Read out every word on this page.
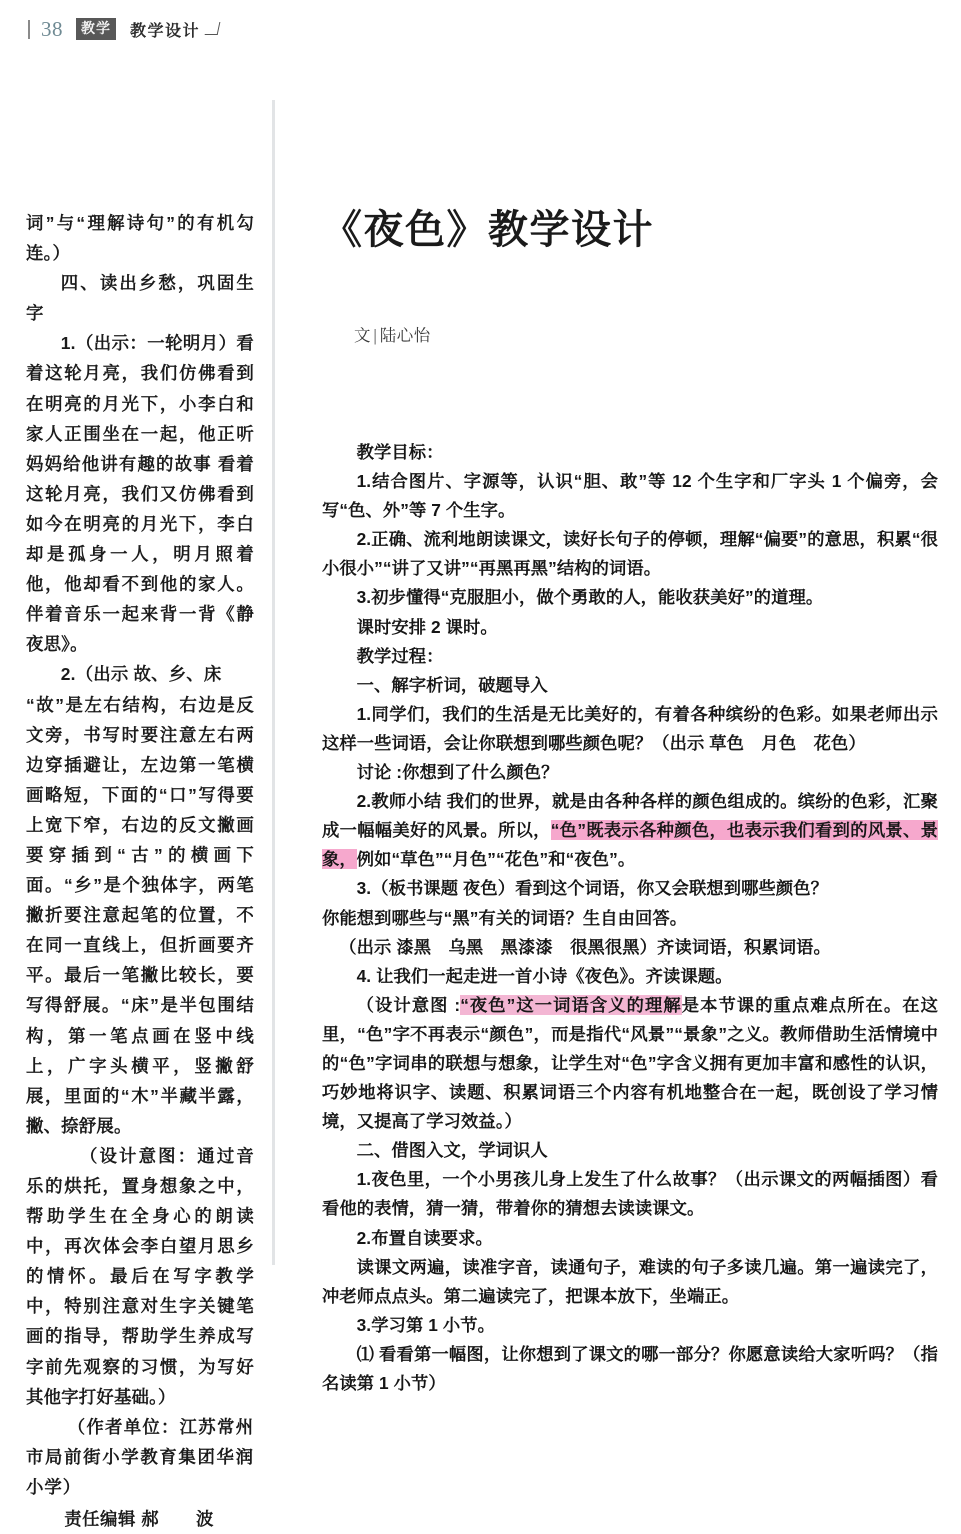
38	教学	教学设计

词”与“理解诗句”的有机勾连。）

四、读出乡愁，巩固生字

1.（出示：一轮明月）看着这轮月亮，我们仿佛看到在明亮的月光下，小李白和家人正围坐在一起，他正听妈妈给他讲有趣的故事 看着这轮月亮，我们又仿佛看到如今在明亮的月光下，李白却是孤身一人，明月照着他，他却看不到他的家人。伴着音乐一起来背一背《静夜思》。

2.（出示 故、乡、床

“故”是左右结构，右边是反文旁，书写时要注意左右两边穿插避让，左边第一笔横画略短，下面的“口”写得要上宽下窄，右边的反文撇画要穿插到“古”的横画下面。“乡”是个独体字，两笔撇折要注意起笔的位置，不在同一直线上，但折画要齐平。最后一笔撇比较长，要写得舒展。“床”是半包围结构，第一笔点画在竖中线上，广字头横平，竖撇舒展，里面的“木”半藏半露，撇、捺舒展。

（设计意图：通过音乐的烘托，置身想象之中，帮助学生在全身心的朗读中，再次体会李白望月思乡的情怀。最后在写字教学中，特别注意对生字关键笔画的指导，帮助学生养成写字前先观察的习惯，为写好其他字打好基础。）

（作者单位：江苏常州市局前街小学教育集团华润小学）

责任编辑 郝　波

《夜色》教学设计

文 | 陆心怡

教学目标：

1.结合图片、字源等，认识“胆、敢”等 12 个生字和厂字头 1 个偏旁，会写“色、外”等 7 个生字。

2.正确、流利地朗读课文，读好长句子的停顿，理解“偏要”的意思，积累“很小很小”“讲了又讲”“再黑再黑”结构的词语。

3.初步懂得“克服胆小，做个勇敢的人，能收获美好”的道理。

课时安排 2 课时。

教学过程：

一、解字析词，破题导入

1.同学们，我们的生活是无比美好的，有着各种缤纷的色彩。如果老师出示这样一些词语，会让你联想到哪些颜色呢？（出示 草色　月色　花色）

讨论 :你想到了什么颜色？

2.教师小结 我们的世界，就是由各种各样的颜色组成的。缤纷的色彩，汇聚成一幅幅美好的风景。所以，“色”既表示各种颜色，也表示我们看到的风景、景象，例如“草色”“月色”“花色”和“夜色”。

3.（板书课题 夜色）看到这个词语，你又会联想到哪些颜色？

你能想到哪些与“黑”有关的词语？生自由回答。

（出示 漆黑　乌黑　黑漆漆　很黑很黑）齐读词语，积累词语。

4. 让我们一起走进一首小诗《夜色》。齐读课题。

（设计意图 :“夜色”这一词语含义的理解是本节课的重点难点所在。在这里，“色”字不再表示“颜色”，而是指代“风景”“景象”之义。教师借助生活情境中的“色”字词串的联想与想象，让学生对“色”字含义拥有更加丰富和感性的认识，巧妙地将识字、读题、积累词语三个内容有机地整合在一起，既创设了学习情境，又提高了学习效益。）

二、借图入文，学词识人

1.夜色里，一个小男孩儿身上发生了什么故事？（出示课文的两幅插图）看看他的表情，猜一猜，带着你的猜想去读读课文。

2.布置自读要求。

读课文两遍，读准字音，读通句子，难读的句子多读几遍。第一遍读完了，冲老师点点头。第二遍读完了，把课本放下，坐端正。

3.学习第 1 小节。

⑴ 看看第一幅图，让你想到了课文的哪一部分？你愿意读给大家听吗？（指名读第 1 小节）
